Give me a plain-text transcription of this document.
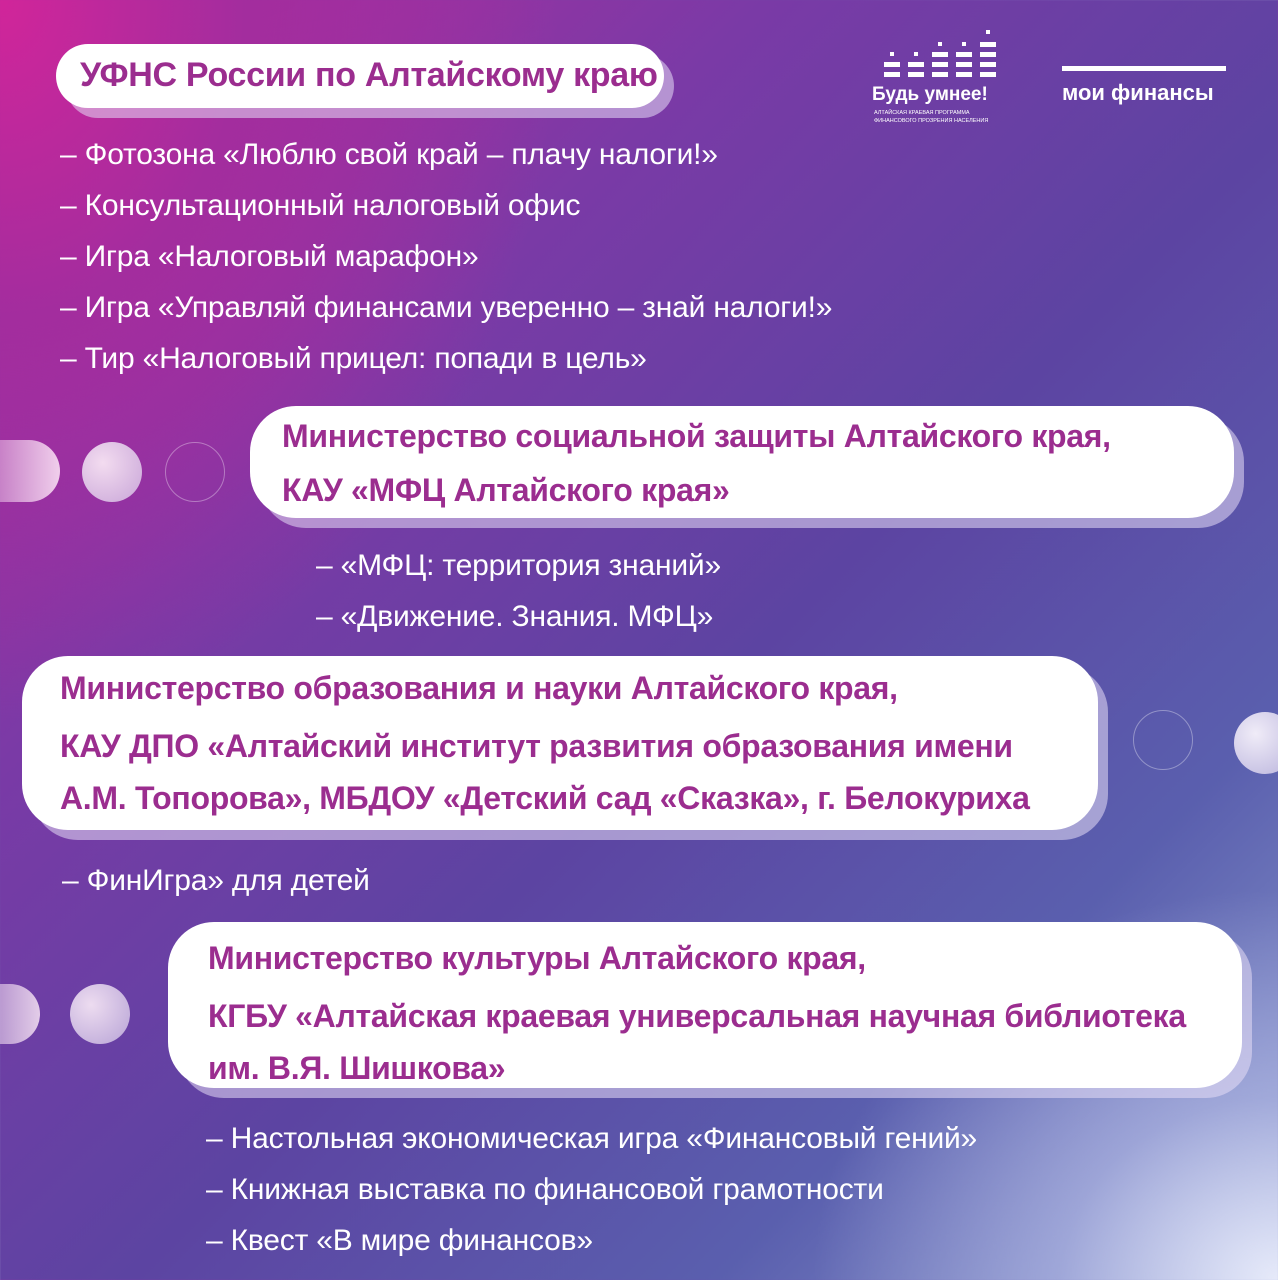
Будь умнее!
АЛТАЙСКАЯ КРАЕВАЯ ПРОГРАММА
ФИНАНСОВОГО ПРОЗРЕНИЯ НАСЕЛЕНИЯ
мои финансы
УФНС России по Алтайскому краю
– Фотозона «Люблю свой край – плачу налоги!»
– Консультационный налоговый офис
– Игра «Налоговый марафон»
– Игра «Управляй финансами уверенно – знай налоги!»
– Тир «Налоговый прицел: попади в цель»
Министерство социальной защиты Алтайского края,
КАУ «МФЦ Алтайского края»
– «МФЦ: территория знаний»
– «Движение. Знания. МФЦ»
Министерство образования и науки Алтайского края,
КАУ ДПО «Алтайский институт развития образования имени
А.М. Топорова», МБДОУ «Детский сад «Сказка», г. Белокуриха
– ФинИгра» для детей
Министерство культуры Алтайского края,
КГБУ «Алтайская краевая универсальная научная библиотека
им. В.Я. Шишкова»
– Настольная экономическая игра «Финансовый гений»
– Книжная выставка по финансовой грамотности
– Квест «В мире финансов»
